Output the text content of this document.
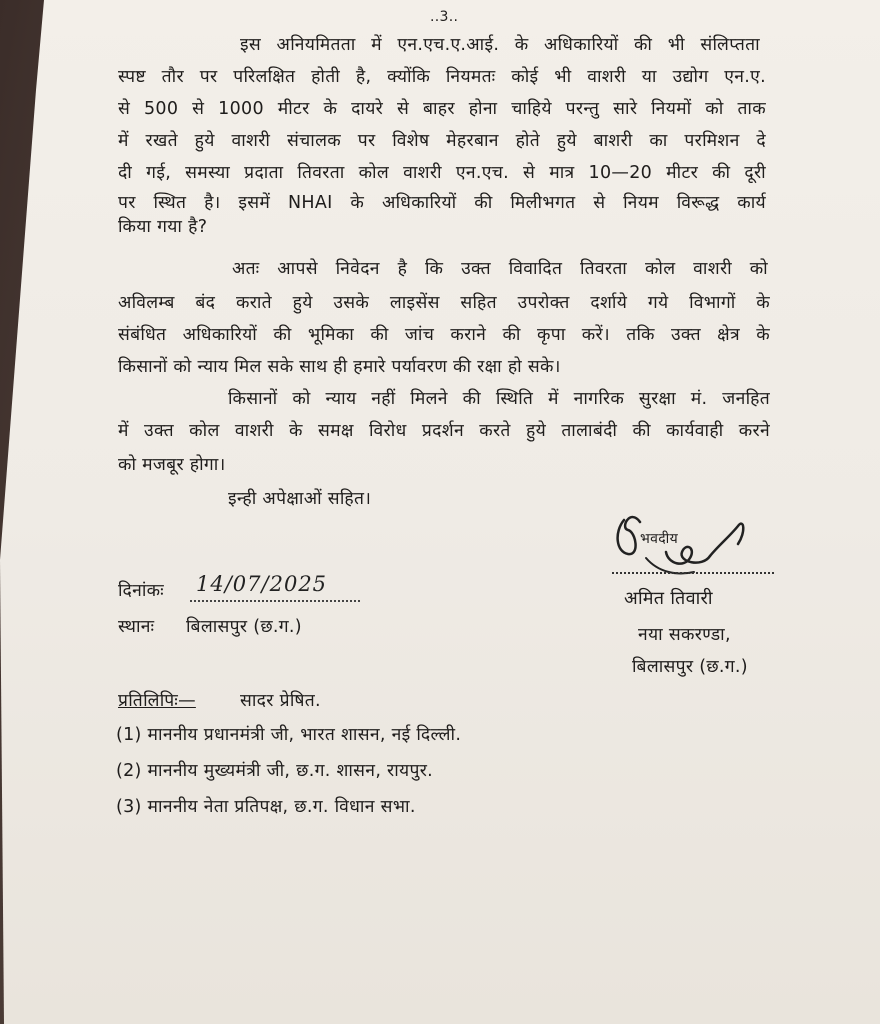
..3..
इस अनियमितता में एन.एच.ए.आई. के अधिकारियों की भी संलिप्तता
स्पष्ट तौर पर परिलक्षित होती है, क्योंकि नियमतः कोई भी वाशरी या उद्योग एन.ए.
से 500 से 1000 मीटर के दायरे से बाहर होना चाहिये परन्तु सारे नियमों को ताक
में रखते हुये वाशरी संचालक पर विशेष मेहरबान होते हुये बाशरी का परमिशन दे
दी गई, समस्या प्रदाता तिवरता कोल वाशरी एन.एच. से मात्र 10—20 मीटर की दूरी
पर स्थित है। इसमें NHAI के अधिकारियों की मिलीभगत से नियम विरूद्ध कार्य
किया गया है?
अतः आपसे निवेदन है कि उक्त विवादित तिवरता कोल वाशरी को
अविलम्ब बंद कराते हुये उसके लाइसेंस सहित उपरोक्त दर्शाये गये विभागों के
संबंधित अधिकारियों की भूमिका की जांच कराने की कृपा करें। तकि उक्त क्षेत्र के
किसानों को न्याय मिल सके साथ ही हमारे पर्यावरण की रक्षा हो सके।
किसानों को न्याय नहीं मिलने की स्थिति में नागरिक सुरक्षा मं. जनहित
में उक्त कोल वाशरी के समक्ष विरोध प्रदर्शन करते हुये तालाबंदी की कार्यवाही करने
को मजबूर होगा।
इन्ही अपेक्षाओं सहित।
भवदीय
अमित तिवारी
नया सकरण्डा,
बिलासपुर (छ.ग.)
दिनांकः 14/07/2025
स्थानः बिलासपुर (छ.ग.)
प्रतिलिपिः—	सादर प्रेषित.
(1) माननीय प्रधानमंत्री जी, भारत शासन, नई दिल्ली.
(2) माननीय मुख्यमंत्री जी, छ.ग. शासन, रायपुर.
(3) माननीय नेता प्रतिपक्ष, छ.ग. विधान सभा.
